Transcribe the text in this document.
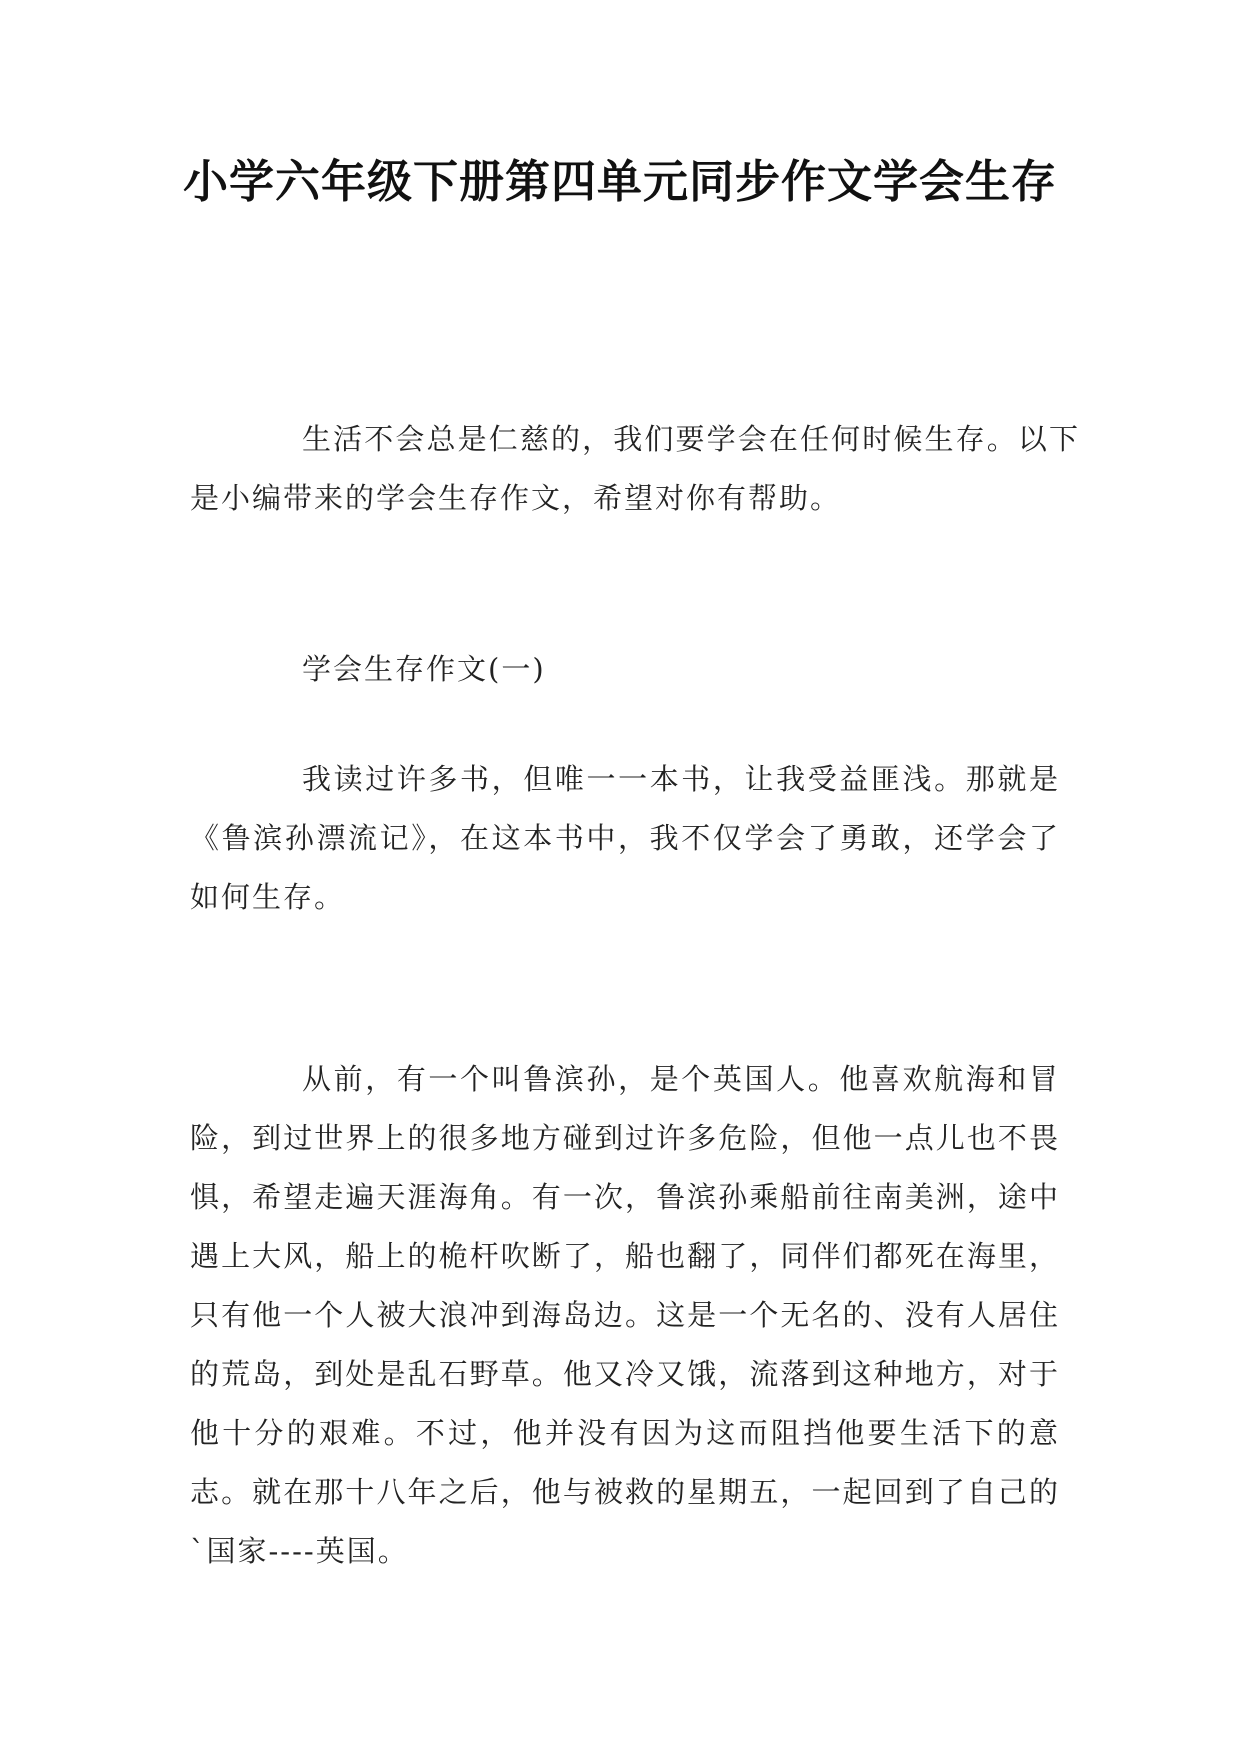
小学六年级下册第四单元同步作文学会生存

生活不会总是仁慈的，我们要学会在任何时候生存。以下是小编带来的学会生存作文，希望对你有帮助。

学会生存作文(一)

我读过许多书，但唯一一本书，让我受益匪浅。那就是《鲁滨孙漂流记》，在这本书中，我不仅学会了勇敢，还学会了如何生存。

从前，有一个叫鲁滨孙，是个英国人。他喜欢航海和冒险，到过世界上的很多地方碰到过许多危险，但他一点儿也不畏惧，希望走遍天涯海角。有一次，鲁滨孙乘船前往南美洲，途中遇上大风，船上的桅杆吹断了，船也翻了，同伴们都死在海里，只有他一个人被大浪冲到海岛边。这是一个无名的、没有人居住的荒岛，到处是乱石野草。他又冷又饿，流落到这种地方，对于他十分的艰难。不过，他并没有因为这而阻挡他要生活下的意志。就在那十八年之后，他与被救的星期五，一起回到了自己的`国家----英国。
